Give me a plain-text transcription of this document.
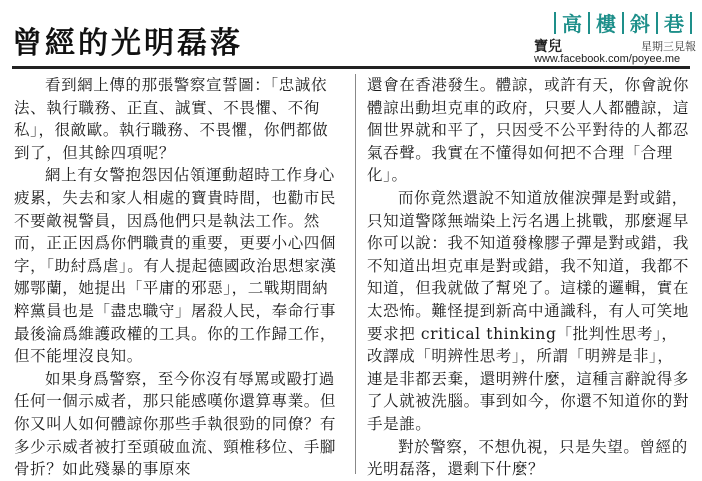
曾經的光明磊落
高 樓 斜 巷
寶兒	星期三見報
www.facebook.com/poyee.me

看到網上傳的那張警察宣誓圖：「忠誠依法、執行職務、正直、誠實、不畏懼、不徇私」，很敵歐。執行職務、不畏懼，你們都做到了，但其餘四項呢？

網上有女警抱怨因佔領運動超時工作身心疲累，失去和家人相處的寶貴時間，也勸市民不要敵視警員，因爲他們只是執法工作。然而，正正因爲你們職責的重要，更要小心四個字，「助紂爲虐」。有人提起德國政治思想家漢娜鄂蘭，她提出「平庸的邪惡」，二戰期間納粹黨員也是「盡忠職守」屠殺人民，奉命行事最後淪爲維護政權的工具。你的工作歸工作，但不能埋沒良知。

如果身爲警察，至今你沒有辱罵或毆打過任何一個示威者，那只能感嘆你還算專業。但你又叫人如何體諒你那些手執很勁的同僚？有多少示威者被打至頭破血流、頸椎移位、手腳骨折？如此殘暴的事原來

還會在香港發生。體諒，或許有天，你會說你體諒出動坦克車的政府，只要人人都體諒，這個世界就和平了，只因受不公平對待的人都忍氣吞聲。我實在不懂得如何把不合理「合理化」。

而你竟然還說不知道放催淚彈是對或錯，只知道警隊無端染上污名遇上挑戰，那麼遲早你可以說：我不知道發橡膠子彈是對或錯，我不知道出坦克車是對或錯，我不知道，我都不知道，但我就做了幫兇了。這樣的邏輯，實在太恐怖。難怪提到新高中通識科，有人可笑地要求把 critical thinking「批判性思考」，改譯成「明辨性思考」，所謂「明辨是非」，連是非都丟棄，還明辨什麼，這種言辭說得多了人就被洗腦。事到如今，你還不知道你的對手是誰。

對於警察，不想仇視，只是失望。曾經的光明磊落，還剩下什麼？
